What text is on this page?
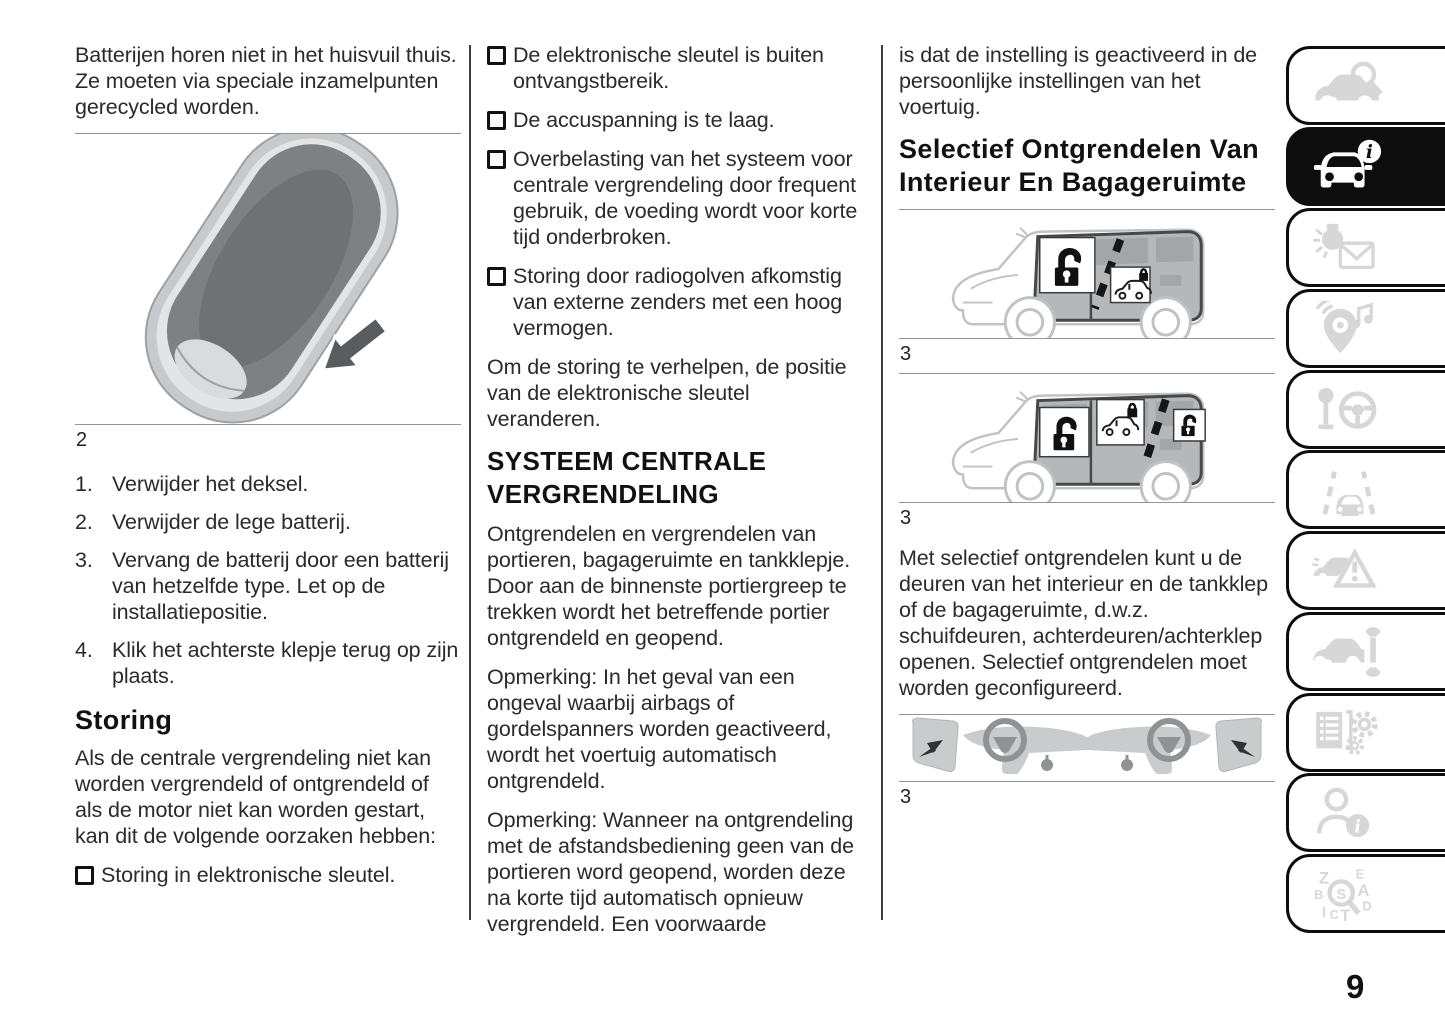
Batterijen horen niet in het huisvuil thuis. Ze moeten via speciale inzamelpunten gerecycled worden.

2
1. Verwijder het deksel.
2. Verwijder de lege batterij.
3. Vervang de batterij door een batterij van hetzelfde type. Let op de installatiepositie.
4. Klik het achterste klepje terug op zijn plaats.
Storing

Als de centrale vergrendeling niet kan worden vergrendeld of ontgrendeld of als de motor niet kan worden gestart, kan dit de volgende oorzaken hebben:

Storing in elektronische sleutel.
De elektronische sleutel is buiten ontvangstbereik.
De accuspanning is te laag.
Overbelasting van het systeem voor centrale vergrendeling door frequent gebruik, de voeding wordt voor korte tijd onderbroken.
Storing door radiogolven afkomstig van externe zenders met een hoog vermogen.

Om de storing te verhelpen, de positie van de elektronische sleutel veranderen.

SYSTEEM CENTRALE VERGRENDELING

Ontgrendelen en vergrendelen van portieren, bagageruimte en tankklepje. Door aan de binnenste portiergreep te trekken wordt het betreffende portier ontgrendeld en geopend.

Opmerking: In het geval van een ongeval waarbij airbags of gordelspanners worden geactiveerd, wordt het voertuig automatisch ontgrendeld.

Opmerking: Wanneer na ontgrendeling met de afstandsbediening geen van de portieren word geopend, worden deze na korte tijd automatisch opnieuw vergrendeld. Een voorwaarde

is dat de instelling is geactiveerd in de persoonlijke instellingen van het voertuig.

Selectief Ontgrendelen Van Interieur En Bagageruimte
3
3

Met selectief ontgrendelen kunt u de deuren van het interieur en de tankklep of de bagageruimte, d.w.z. schuifdeuren, achterdeuren/achterklep openen. Selectief ontgrendelen moet worden geconfigureerd.

3
i
i
Z E
B A
D
I C T
S
9
